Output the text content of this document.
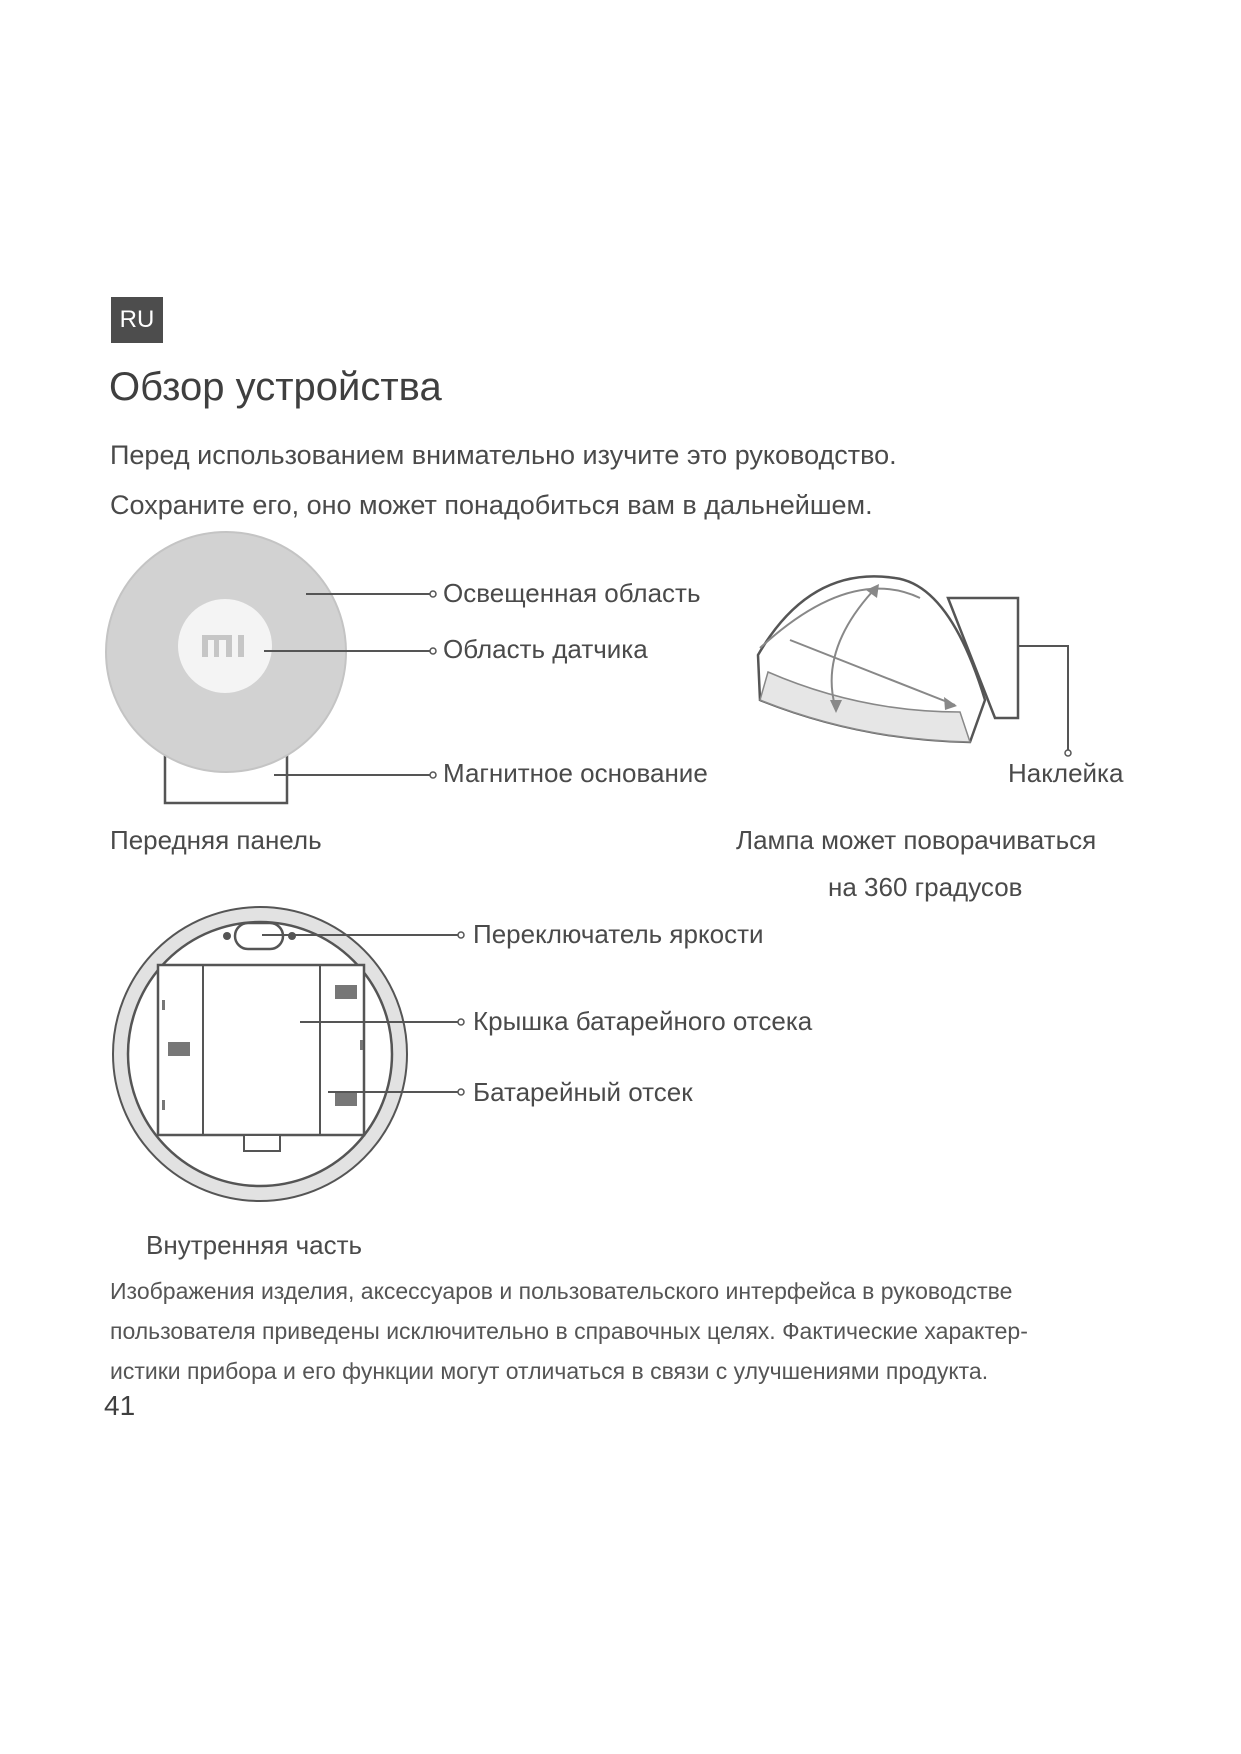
RU
Обзор устройства
Перед использованием внимательно изучите это руководство.
Сохраните его, оно может понадобиться вам в дальнейшем.
Освещенная область
Область датчика
Магнитное основание
Передняя панель
Наклейка
Лампа может поворачиваться
на 360 градусов
Переключатель яркости
Крышка батарейного отсека
Батарейный отсек
Внутренняя часть
Изображения изделия, аксессуаров и пользовательского интерфейса в руководстве
пользователя приведены исключительно в справочных целях. Фактические характер-
истики прибора и его функции могут отличаться в связи с улучшениями продукта.
41
